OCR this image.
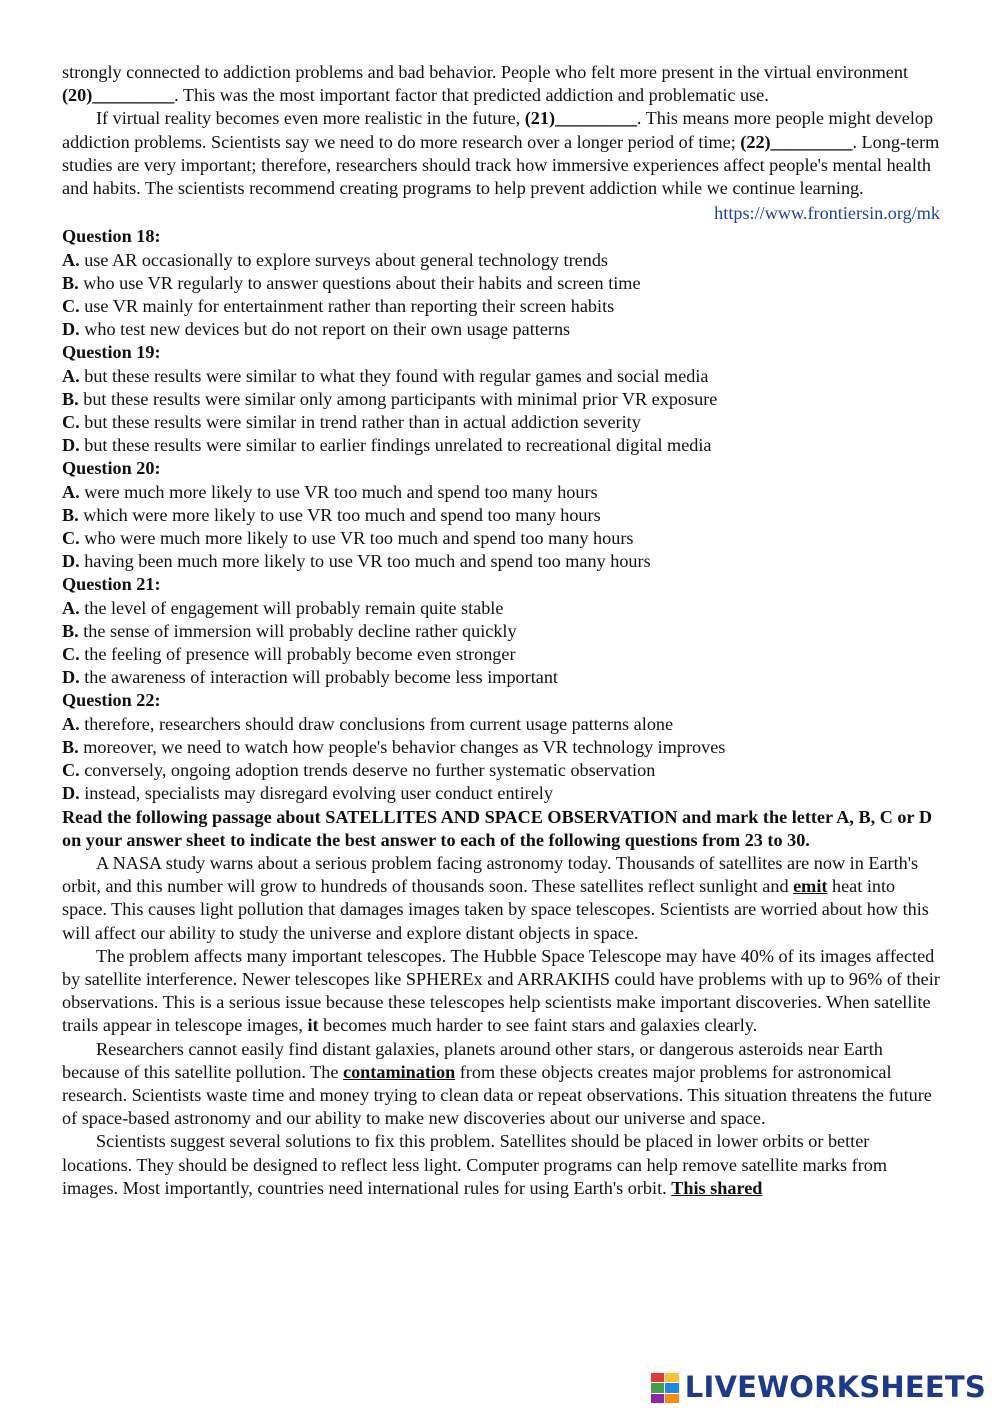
strongly connected to addiction problems and bad behavior. People who felt more present in the virtual environment (20)_________. This was the most important factor that predicted addiction and problematic use.

If virtual reality becomes even more realistic in the future, (21)_________. This means more people might develop addiction problems. Scientists say we need to do more research over a longer period of time; (22)_________. Long-term studies are very important; therefore, researchers should track how immersive experiences affect people's mental health and habits. The scientists recommend creating programs to help prevent addiction while we continue learning.

https://www.frontiersin.org/mk
Question 18:
A. use AR occasionally to explore surveys about general technology trends
B. who use VR regularly to answer questions about their habits and screen time
C. use VR mainly for entertainment rather than reporting their screen habits
D. who test new devices but do not report on their own usage patterns
Question 19:
A. but these results were similar to what they found with regular games and social media
B. but these results were similar only among participants with minimal prior VR exposure
C. but these results were similar in trend rather than in actual addiction severity
D. but these results were similar to earlier findings unrelated to recreational digital media
Question 20:
A. were much more likely to use VR too much and spend too many hours
B. which were more likely to use VR too much and spend too many hours
C. who were much more likely to use VR too much and spend too many hours
D. having been much more likely to use VR too much and spend too many hours
Question 21:
A. the level of engagement will probably remain quite stable
B. the sense of immersion will probably decline rather quickly
C. the feeling of presence will probably become even stronger
D. the awareness of interaction will probably become less important
Question 22:
A. therefore, researchers should draw conclusions from current usage patterns alone
B. moreover, we need to watch how people's behavior changes as VR technology improves
C. conversely, ongoing adoption trends deserve no further systematic observation
D. instead, specialists may disregard evolving user conduct entirely

Read the following passage about SATELLITES AND SPACE OBSERVATION and mark the letter A, B, C or D on your answer sheet to indicate the best answer to each of the following questions from 23 to 30.

A NASA study warns about a serious problem facing astronomy today. Thousands of satellites are now in Earth's orbit, and this number will grow to hundreds of thousands soon. These satellites reflect sunlight and emit heat into space. This causes light pollution that damages images taken by space telescopes. Scientists are worried about how this will affect our ability to study the universe and explore distant objects in space.

The problem affects many important telescopes. The Hubble Space Telescope may have 40% of its images affected by satellite interference. Newer telescopes like SPHEREx and ARRAKIHS could have problems with up to 96% of their observations. This is a serious issue because these telescopes help scientists make important discoveries. When satellite trails appear in telescope images, it becomes much harder to see faint stars and galaxies clearly.

Researchers cannot easily find distant galaxies, planets around other stars, or dangerous asteroids near Earth because of this satellite pollution. The contamination from these objects creates major problems for astronomical research. Scientists waste time and money trying to clean data or repeat observations. This situation threatens the future of space-based astronomy and our ability to make new discoveries about our universe and space.

Scientists suggest several solutions to fix this problem. Satellites should be placed in lower orbits or better locations. They should be designed to reflect less light. Computer programs can help remove satellite marks from images. Most importantly, countries need international rules for using Earth's orbit. This shared

LIVEWORKSHEETS
